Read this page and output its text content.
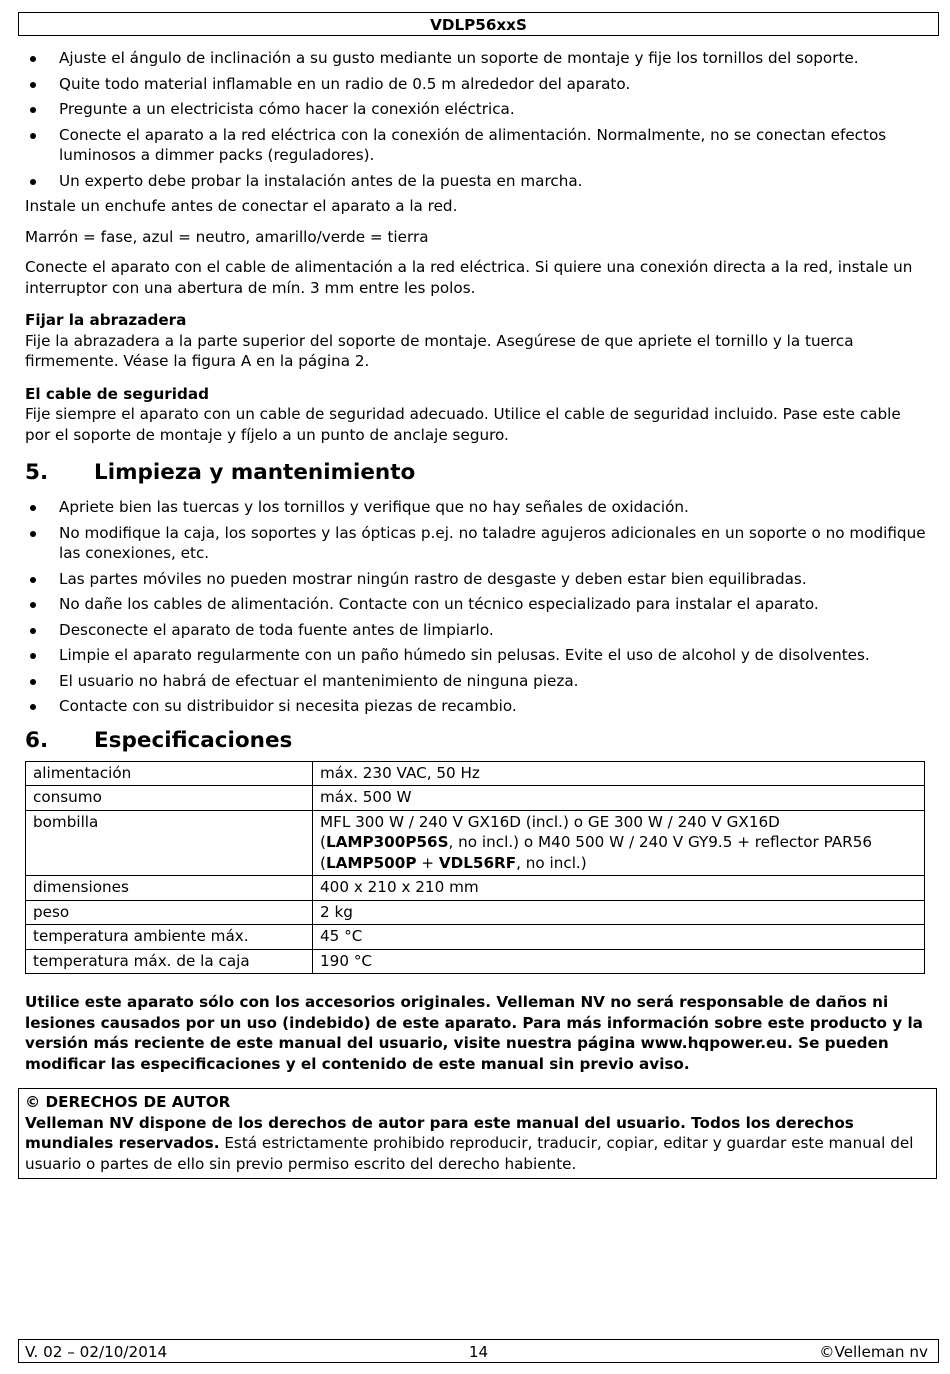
VDLP56xxS
Ajuste el ángulo de inclinación a su gusto mediante un soporte de montaje y fije los tornillos del soporte.
Quite todo material inflamable en un radio de 0.5 m alrededor del aparato.
Pregunte a un electricista cómo hacer la conexión eléctrica.
Conecte el aparato a la red eléctrica con la conexión de alimentación. Normalmente, no se conectan efectos luminosos a dimmer packs (reguladores).
Un experto debe probar la instalación antes de la puesta en marcha.

Instale un enchufe antes de conectar el aparato a la red.

Marrón = fase, azul = neutro, amarillo/verde = tierra

Conecte el aparato con el cable de alimentación a la red eléctrica. Si quiere una conexión directa a la red, instale un interruptor con una abertura de mín. 3 mm entre les polos.

Fijar la abrazadera
Fije la abrazadera a la parte superior del soporte de montaje. Asegúrese de que apriete el tornillo y la tuerca firmemente. Véase la figura A en la página 2.
El cable de seguridad
Fije siempre el aparato con un cable de seguridad adecuado. Utilice el cable de seguridad incluido. Pase este cable por el soporte de montaje y fíjelo a un punto de anclaje seguro.
5. Limpieza y mantenimiento
Apriete bien las tuercas y los tornillos y verifique que no hay señales de oxidación.
No modifique la caja, los soportes y las ópticas p.ej. no taladre agujeros adicionales en un soporte o no modifique las conexiones, etc.
Las partes móviles no pueden mostrar ningún rastro de desgaste y deben estar bien equilibradas.
No dañe los cables de alimentación. Contacte con un técnico especializado para instalar el aparato.
Desconecte el aparato de toda fuente antes de limpiarlo.
Limpie el aparato regularmente con un paño húmedo sin pelusas. Evite el uso de alcohol y de disolventes.
El usuario no habrá de efectuar el mantenimiento de ninguna pieza.
Contacte con su distribuidor si necesita piezas de recambio.
6. Especificaciones
alimentación	máx. 230 VAC, 50 Hz
consumo	máx. 500 W
bombilla	MFL 300 W / 240 V GX16D (incl.) o GE 300 W / 240 V GX16D (LAMP300P56S, no incl.) o M40 500 W / 240 V GY9.5 + reflector PAR56 (LAMP500P + VDL56RF, no incl.)
dimensiones	400 x 210 x 210 mm
peso	2 kg
temperatura ambiente máx.	45 °C
temperatura máx. de la caja	190 °C
Utilice este aparato sólo con los accesorios originales. Velleman NV no será responsable de daños ni lesiones causados por un uso (indebido) de este aparato. Para más información sobre este producto y la versión más reciente de este manual del usuario, visite nuestra página www.hqpower.eu. Se pueden modificar las especificaciones y el contenido de este manual sin previo aviso.
© DERECHOS DE AUTOR
Velleman NV dispone de los derechos de autor para este manual del usuario. Todos los derechos mundiales reservados. Está estrictamente prohibido reproducir, traducir, copiar, editar y guardar este manual del usuario o partes de ello sin previo permiso escrito del derecho habiente.
V. 02 – 02/10/2014	14	©Velleman nv
